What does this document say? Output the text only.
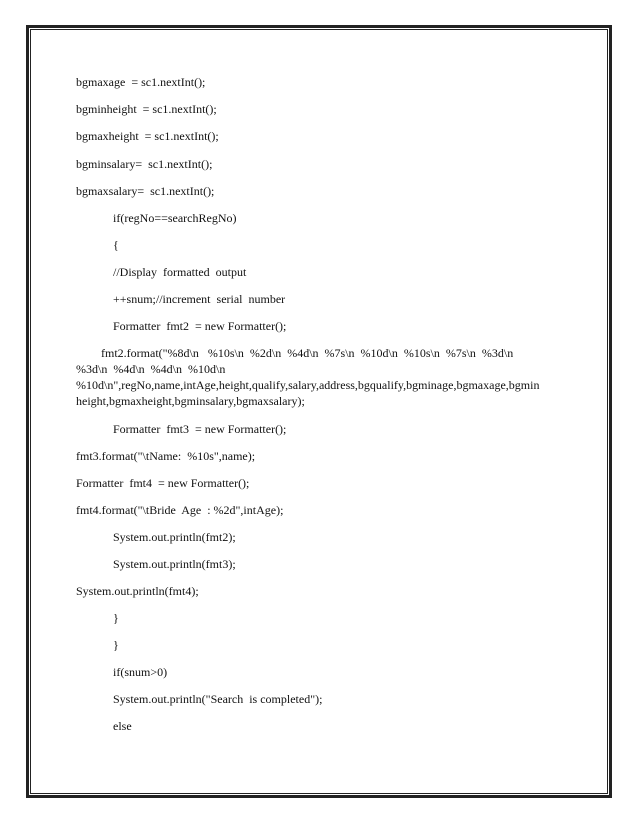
bgmaxage  = sc1.nextInt();
bgminheight  = sc1.nextInt();
bgmaxheight  = sc1.nextInt();
bgminsalary=  sc1.nextInt();
bgmaxsalary=  sc1.nextInt();
if(regNo==searchRegNo)
{
//Display  formatted  output
++snum;//increment  serial  number
Formatter  fmt2  = new Formatter();
fmt2.format("%8d\n   %10s\n  %2d\n  %4d\n  %7s\n  %10d\n  %10s\n  %7s\n  %3d\n
%3d\n  %4d\n  %4d\n  %10d\n
%10d\n",regNo,name,intAge,height,qualify,salary,address,bgqualify,bgminage,bgmaxage,bgmin
height,bgmaxheight,bgminsalary,bgmaxsalary);
Formatter  fmt3  = new Formatter();
fmt3.format("\tName:  %10s",name);
Formatter  fmt4  = new Formatter();
fmt4.format("\tBride  Age  : %2d",intAge);
System.out.println(fmt2);
System.out.println(fmt3);
System.out.println(fmt4);
}
}
if(snum>0)
System.out.println("Search  is completed");
else
